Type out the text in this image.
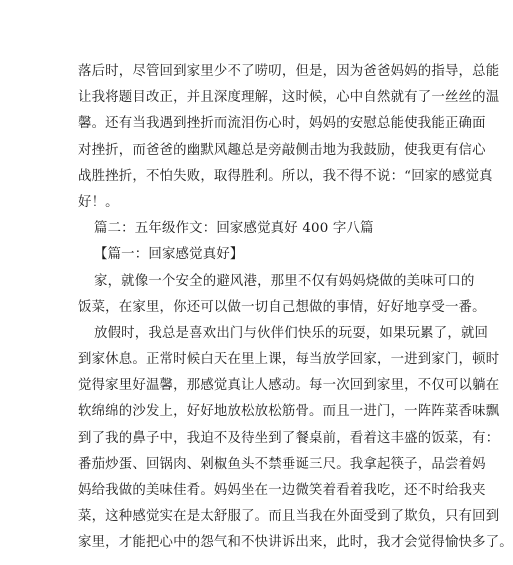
落后时，尽管回到家里少不了唠叨，但是，因为爸爸妈妈的指导，总能
让我将题目改正，并且深度理解，这时候，心中自然就有了一丝丝的温
馨。还有当我遇到挫折而流泪伤心时，妈妈的安慰总能使我能正确面
对挫折，而爸爸的幽默风趣总是旁敲侧击地为我鼓励，使我更有信心
战胜挫折，不怕失败，取得胜利。所以，我不得不说：“回家的感觉真
好！。
篇二：五年级作文：回家感觉真好 400 字八篇
【篇一：回家感觉真好】
家，就像一个安全的避风港，那里不仅有妈妈烧做的美味可口的
饭菜，在家里，你还可以做一切自己想做的事情，好好地享受一番。
放假时，我总是喜欢出门与伙伴们快乐的玩耍，如果玩累了，就回
到家休息。正常时候白天在里上课，每当放学回家，一进到家门，顿时
觉得家里好温馨，那感觉真让人感动。每一次回到家里，不仅可以躺在
软绵绵的沙发上，好好地放松放松筋骨。而且一进门，一阵阵菜香味飘
到了我的鼻子中，我迫不及待坐到了餐桌前，看着这丰盛的饭菜，有：
番茄炒蛋、回锅肉、剁椒鱼头不禁垂诞三尺。我拿起筷子，品尝着妈
妈给我做的美味佳肴。妈妈坐在一边微笑着看着我吃，还不时给我夹
菜，这种感觉实在是太舒服了。而且当我在外面受到了欺负，只有回到
家里，才能把心中的怨气和不快讲诉出来，此时，我才会觉得愉快多了。
